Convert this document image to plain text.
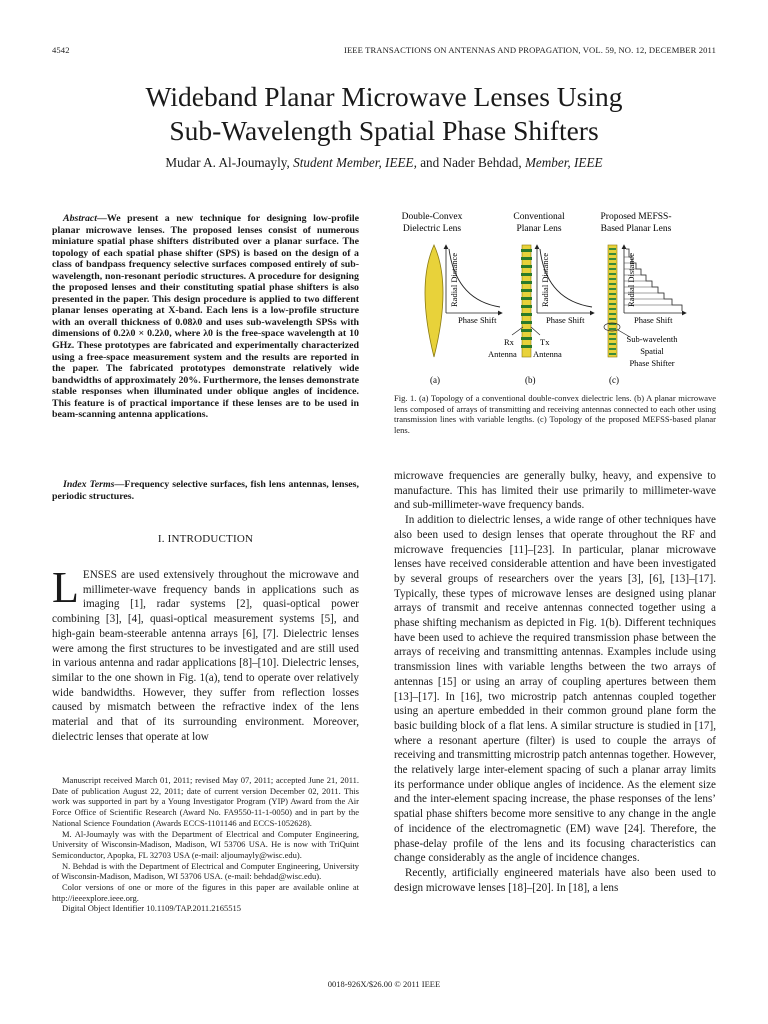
4542	IEEE TRANSACTIONS ON ANTENNAS AND PROPAGATION, VOL. 59, NO. 12, DECEMBER 2011
Wideband Planar Microwave Lenses Using
Sub-Wavelength Spatial Phase Shifters
Mudar A. Al-Joumayly, Student Member, IEEE, and Nader Behdad, Member, IEEE
Abstract—We present a new technique for designing low-profile planar microwave lenses. The proposed lenses consist of numerous miniature spatial phase shifters distributed over a planar surface. The topology of each spatial phase shifter (SPS) is based on the design of a class of bandpass frequency selective surfaces composed entirely of sub-wavelength, non-resonant periodic structures. A procedure for designing the proposed lenses and their constituting spatial phase shifters is also presented in the paper. This design procedure is applied to two different planar lenses operating at X-band. Each lens is a low-profile structure with an overall thickness of 0.08λ0 and uses sub-wavelength SPSs with dimensions of 0.2λ0 × 0.2λ0, where λ0 is the free-space wavelength at 10 GHz. These prototypes are fabricated and experimentally characterized using a free-space measurement system and the results are reported in the paper. The fabricated prototypes demonstrate relatively wide bandwidths of approximately 20%. Furthermore, the lenses demonstrate stable responses when illuminated under oblique angles of incidence. This feature is of practical importance if these lenses are to be used in beam-scanning antenna applications.
Index Terms—Frequency selective surfaces, fish lens antennas, lenses, periodic structures.
I. INTRODUCTION

LENSES are used extensively throughout the microwave and millimeter-wave frequency bands in applications such as imaging [1], radar systems [2], quasi-optical power combining [3], [4], quasi-optical measurement systems [5], and high-gain beam-steerable antenna arrays [6], [7]. Dielectric lenses were among the first structures to be investigated and are still used in various antenna and radar applications [8]–[10]. Dielectric lenses, similar to the one shown in Fig. 1(a), tend to operate over relatively wide bandwidths. However, they suffer from reflection losses caused by mismatch between the refractive index of the lens material and that of its surrounding environment. Moreover, dielectric lenses that operate at low

Manuscript received March 01, 2011; revised May 07, 2011; accepted June 21, 2011. Date of publication August 22, 2011; date of current version December 02, 2011. This work was supported in part by a Young Investigator Program (YIP) Award from the Air Force Office of Scientific Research (Award No. FA9550-11-1-0050) and in part by the National Science Foundation (Awards ECCS-1101146 and ECCS-1052628).

M. Al-Joumayly was with the Department of Electrical and Computer Engineering, University of Wisconsin-Madison, Madison, WI 53706 USA. He is now with TriQuint Semiconductor, Apopka, FL 32703 USA (e-mail: aljoumayly@wisc.edu).

N. Behdad is with the Department of Electrical and Computer Engineering, University of Wisconsin-Madison, Madison, WI 53706 USA. (e-mail: behdad@wisc.edu).

Color versions of one or more of the figures in this paper are available online at http://ieeexplore.ieee.org.

Digital Object Identifier 10.1109/TAP.2011.2165515

Double-Convex
Dielectric Lens
Conventional
Planar Lens
Proposed MEFSS-
Based Planar Lens
Radial Distance
Phase Shift
(a)
Radial Distance
Phase Shift
Rx
Antenna
Tx
Antenna
(b)
Radial Distance
Phase Shift
Sub-wavelenth
Spatial
Phase Shifter
(c)
Fig. 1. (a) Topology of a conventional double-convex dielectric lens. (b) A planar microwave lens composed of arrays of transmitting and receiving antennas connected to each other using transmission lines with variable lengths. (c) Topology of the proposed MEFSS-based planar lens.

microwave frequencies are generally bulky, heavy, and expensive to manufacture. This has limited their use primarily to millimeter-wave and sub-millimeter-wave frequency bands.

In addition to dielectric lenses, a wide range of other techniques have also been used to design lenses that operate throughout the RF and microwave frequencies [11]–[23]. In particular, planar microwave lenses have received considerable attention and have been investigated by several groups of researchers over the years [3], [6], [13]–[17]. Typically, these types of microwave lenses are designed using planar arrays of transmit and receive antennas connected together using a phase shifting mechanism as depicted in Fig. 1(b). Different techniques have been used to achieve the required transmission phase between the arrays of receiving and transmitting antennas. Examples include using transmission lines with variable lengths between the two arrays of antennas [15] or using an array of coupling apertures between them [13]–[17]. In [16], two microstrip patch antennas coupled together using an aperture embedded in their common ground plane form the basic building block of a flat lens. A similar structure is studied in [17], where a resonant aperture (filter) is used to couple the arrays of receiving and transmitting microstrip patch antennas together. However, the relatively large inter-element spacing of such a planar array limits its performance under oblique angles of incidence. As the element size and the inter-element spacing increase, the phase responses of the lens’ spatial phase shifters become more sensitive to any change in the angle of incidence of the electromagnetic (EM) wave [24]. Therefore, the phase-delay profile of the lens and its focusing characteristics can change considerably as the angle of incidence changes.

Recently, artificially engineered materials have also been used to design microwave lenses [18]–[20]. In [18], a lens

0018-926X/$26.00 © 2011 IEEE
